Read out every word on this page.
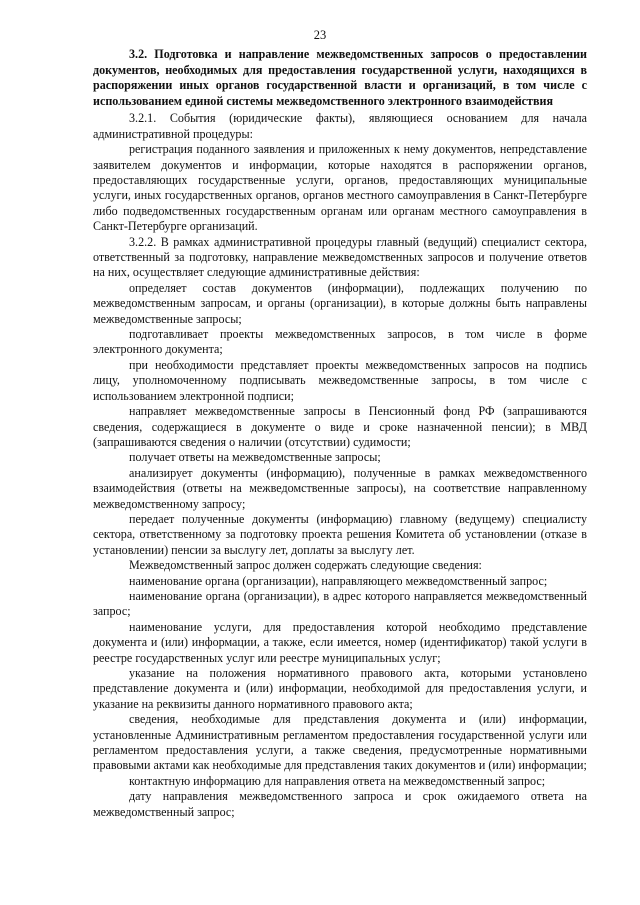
23
3.2. Подготовка и направление межведомственных запросов о предоставлении документов, необходимых для предоставления государственной услуги, находящихся в распоряжении иных органов государственной власти и организаций, в том числе с использованием единой системы межведомственного электронного взаимодействия

3.2.1. События (юридические факты), являющиеся основанием для начала административной процедуры:

регистрация поданного заявления и приложенных к нему документов, непредставление заявителем документов и информации, которые находятся в распоряжении органов, предоставляющих государственные услуги, органов, предоставляющих муниципальные услуги, иных государственных органов, органов местного самоуправления в Санкт-Петербурге либо подведомственных государственным органам или органам местного самоуправления в Санкт-Петербурге организаций.

3.2.2. В рамках административной процедуры главный (ведущий) специалист сектора, ответственный за подготовку, направление межведомственных запросов и получение ответов на них, осуществляет следующие административные действия:

определяет состав документов (информации), подлежащих получению по межведомственным запросам, и органы (организации), в которые должны быть направлены межведомственные запросы;

подготавливает проекты межведомственных запросов, в том числе в форме электронного документа;

при необходимости представляет проекты межведомственных запросов на подпись лицу, уполномоченному подписывать межведомственные запросы, в том числе с использованием электронной подписи;

направляет межведомственные запросы в Пенсионный фонд РФ (запрашиваются сведения, содержащиеся в документе о виде и сроке назначенной пенсии); в МВД (запрашиваются сведения о наличии (отсутствии) судимости;

получает ответы на межведомственные запросы;

анализирует документы (информацию), полученные в рамках межведомственного взаимодействия (ответы на межведомственные запросы), на соответствие направленному межведомственному запросу;

передает полученные документы (информацию) главному (ведущему) специалисту сектора, ответственному за подготовку проекта решения Комитета об установлении (отказе в установлении) пенсии за выслугу лет, доплаты за выслугу лет.

Межведомственный запрос должен содержать следующие сведения:

наименование органа (организации), направляющего межведомственный запрос;

наименование органа (организации), в адрес которого направляется межведомственный запрос;

наименование услуги, для предоставления которой необходимо представление документа и (или) информации, а также, если имеется, номер (идентификатор) такой услуги в реестре государственных услуг или реестре муниципальных услуг;

указание на положения нормативного правового акта, которыми установлено представление документа и (или) информации, необходимой для предоставления услуги, и указание на реквизиты данного нормативного правового акта;

сведения, необходимые для представления документа и (или) информации, установленные Административным регламентом предоставления государственной услуги или регламентом предоставления услуги, а также сведения, предусмотренные нормативными правовыми актами как необходимые для представления таких документов и (или) информации;

контактную информацию для направления ответа на межведомственный запрос;

дату направления межведомственного запроса и срок ожидаемого ответа на межведомственный запрос;
